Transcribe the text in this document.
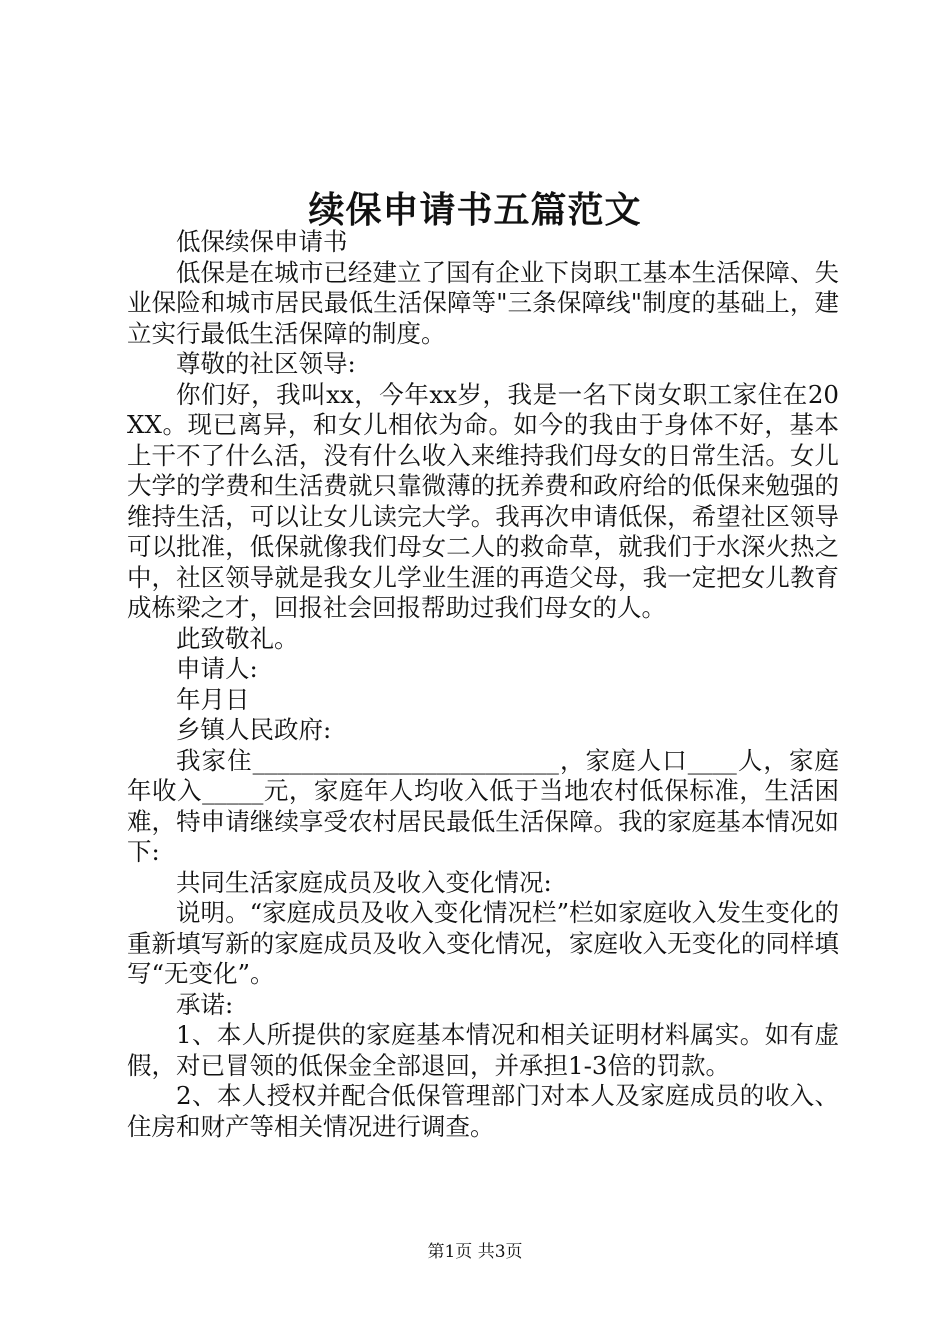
续保申请书五篇范文

低保续保申请书

低保是在城市已经建立了国有企业下岗职工基本生活保障、失业保险和城市居民最低生活保障等"三条保障线"制度的基础上，建立实行最低生活保障的制度。

尊敬的社区领导:

你们好，我叫xx，今年xx岁，我是一名下岗女职工家住在20XX。现已离异，和女儿相依为命。如今的我由于身体不好，基本上干不了什么活，没有什么收入来维持我们母女的日常生活。女儿大学的学费和生活费就只靠微薄的抚养费和政府给的低保来勉强的维持生活，可以让女儿读完大学。我再次申请低保，希望社区领导可以批准，低保就像我们母女二人的救命草，就我们于水深火热之中，社区领导就是我女儿学业生涯的再造父母，我一定把女儿教育成栋梁之才，回报社会回报帮助过我们母女的人。

此致敬礼。

申请人:

年月日

乡镇人民政府:

我家住_________________________，家庭人口____人，家庭年收入_____元，家庭年人均收入低于当地农村低保标准，生活困难，特申请继续享受农村居民最低生活保障。我的家庭基本情况如下:

共同生活家庭成员及收入变化情况:

说明。“家庭成员及收入变化情况栏”栏如家庭收入发生变化的重新填写新的家庭成员及收入变化情况，家庭收入无变化的同样填写“无变化”。

承诺:

1、本人所提供的家庭基本情况和相关证明材料属实。如有虚假，对已冒领的低保金全部退回，并承担1-3倍的罚款。

2、本人授权并配合低保管理部门对本人及家庭成员的收入、住房和财产等相关情况进行调查。

第1页 共3页
